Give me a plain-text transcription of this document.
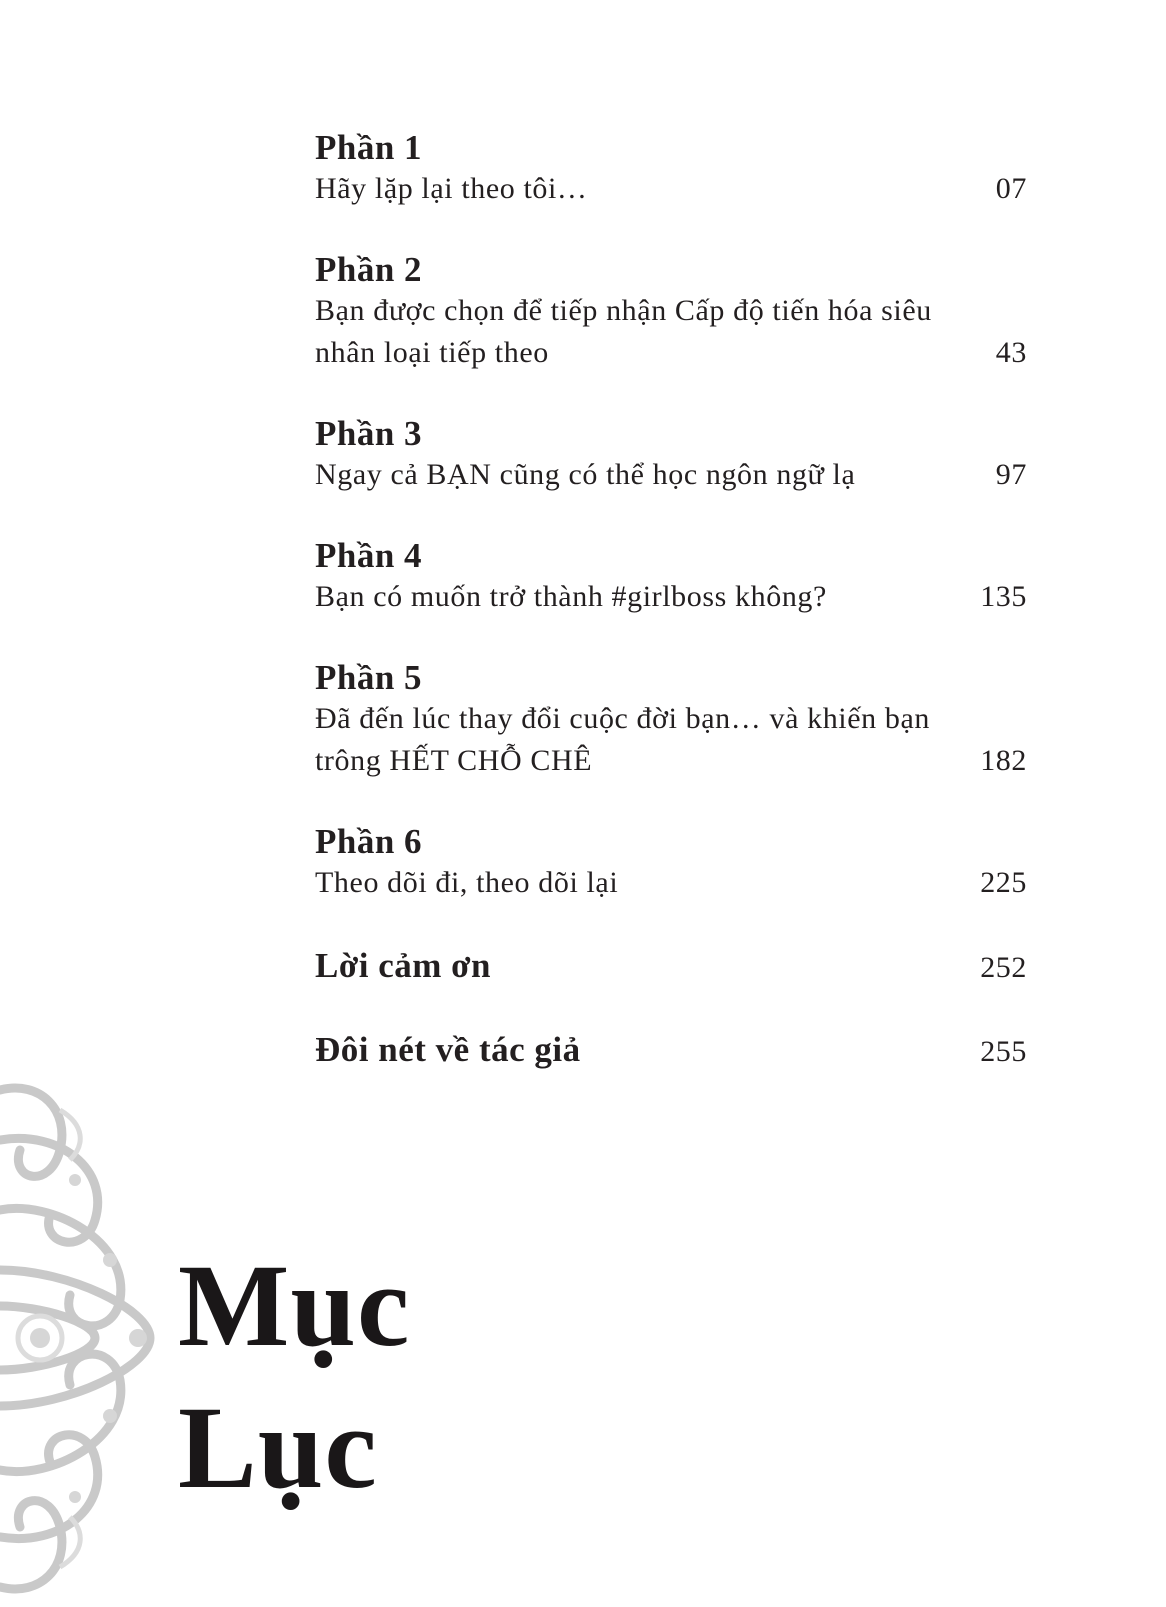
Phần 1
Hãy lặp lại theo tôi…	07
Phần 2
Bạn được chọn để tiếp nhận Cấp độ tiến hóa siêu nhân loại tiếp theo	43
Phần 3
Ngay cả BẠN cũng có thể học ngôn ngữ lạ	97
Phần 4
Bạn có muốn trở thành #girlboss không?	135
Phần 5
Đã đến lúc thay đổi cuộc đời bạn… và khiến bạn trông HẾT CHỖ CHÊ	182
Phần 6
Theo dõi đi, theo dõi lại	225
Lời cảm ơn	252
Đôi nét về tác giả	255
Mục
Lục
